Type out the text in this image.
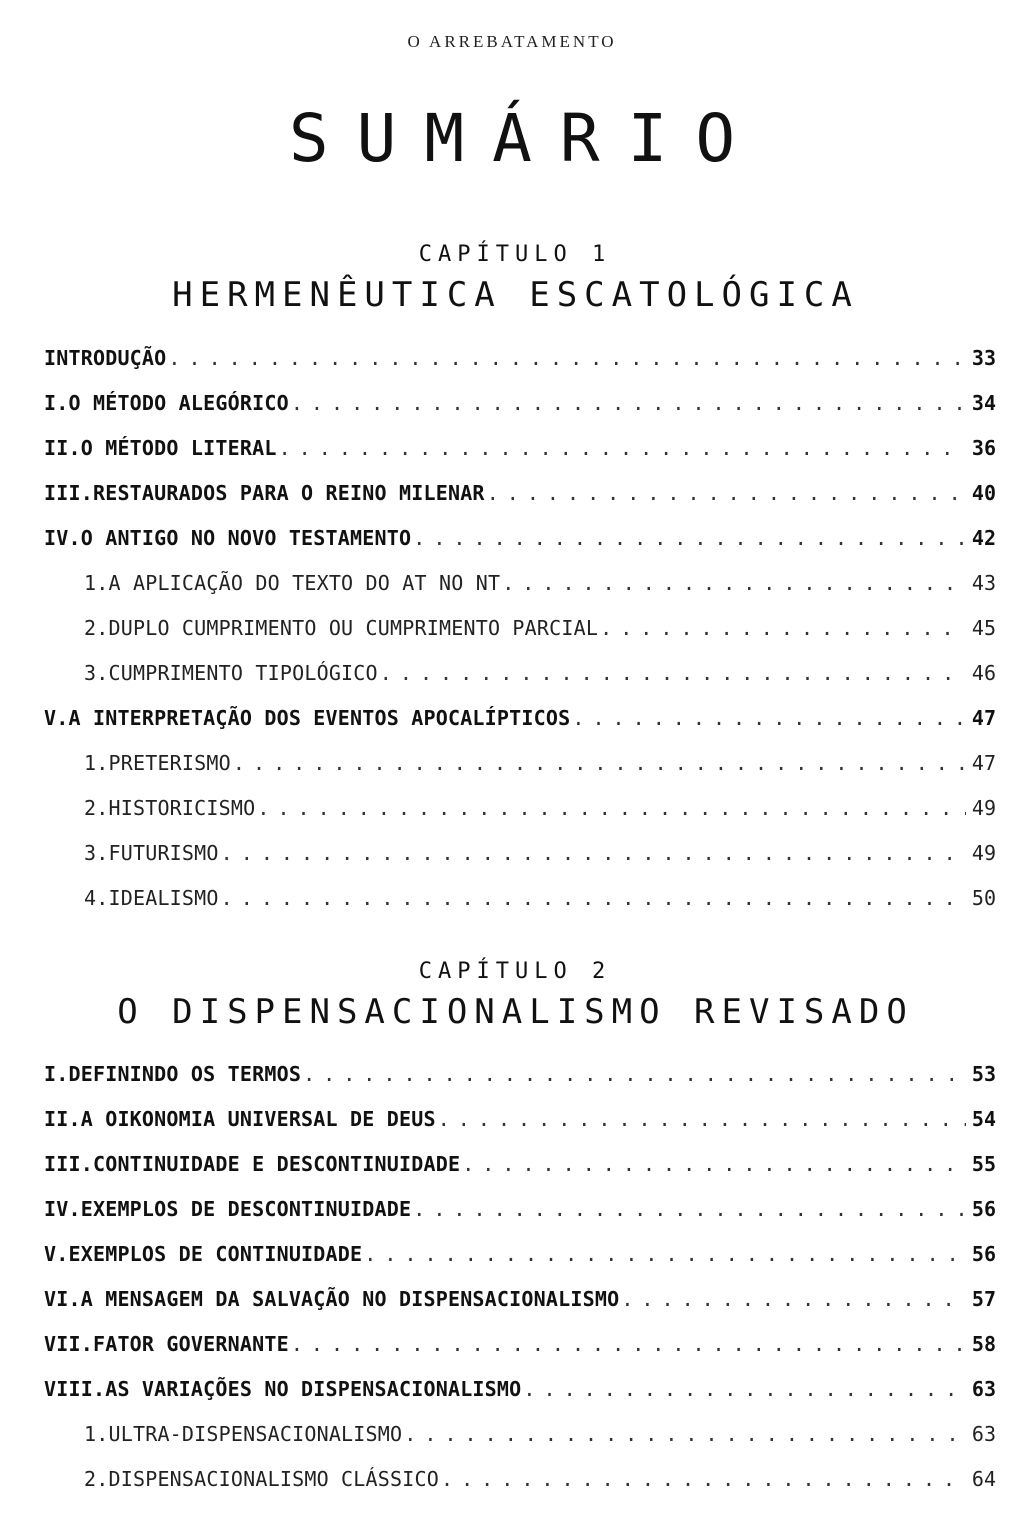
O ARREBATAMENTO
SUMÁRIO
CAPÍTULO 1
HERMENÊUTICA ESCATOLÓGICA
INTRODUÇÃO . . .	33
I.O MÉTODO ALEGÓRICO . . .	34
II.O MÉTODO LITERAL . . .	36
III.RESTAURADOS PARA O REINO MILENAR . . .	40
IV.O ANTIGO NO NOVO TESTAMENTO . . .	42
1.A APLICAÇÃO DO TEXTO DO AT NO NT . . .	43
2.DUPLO CUMPRIMENTO OU CUMPRIMENTO PARCIAL . . .	45
3.CUMPRIMENTO TIPOLÓGICO . . .	46
V.A INTERPRETAÇÃO DOS EVENTOS APOCALÍPTICOS . . .	47
1.PRETERISMO . . .	47
2.HISTORICISMO . . .	49
3.FUTURISMO . . .	49
4.IDEALISMO . . .	50
CAPÍTULO 2
O DISPENSACIONALISMO REVISADO
I.DEFININDO OS TERMOS . . .	53
II.A OIKONOMIA UNIVERSAL DE DEUS . . .	54
III.CONTINUIDADE E DESCONTINUIDADE . . .	55
IV.EXEMPLOS DE DESCONTINUIDADE . . .	56
V.EXEMPLOS DE CONTINUIDADE . . .	56
VI.A MENSAGEM DA SALVAÇÃO NO DISPENSACIONALISMO . . .	57
VII.FATOR GOVERNANTE . . .	58
VIII.AS VARIAÇÕES NO DISPENSACIONALISMO . . .	63
1.ULTRA-DISPENSACIONALISMO . . .	63
2.DISPENSACIONALISMO CLÁSSICO . . .	64
